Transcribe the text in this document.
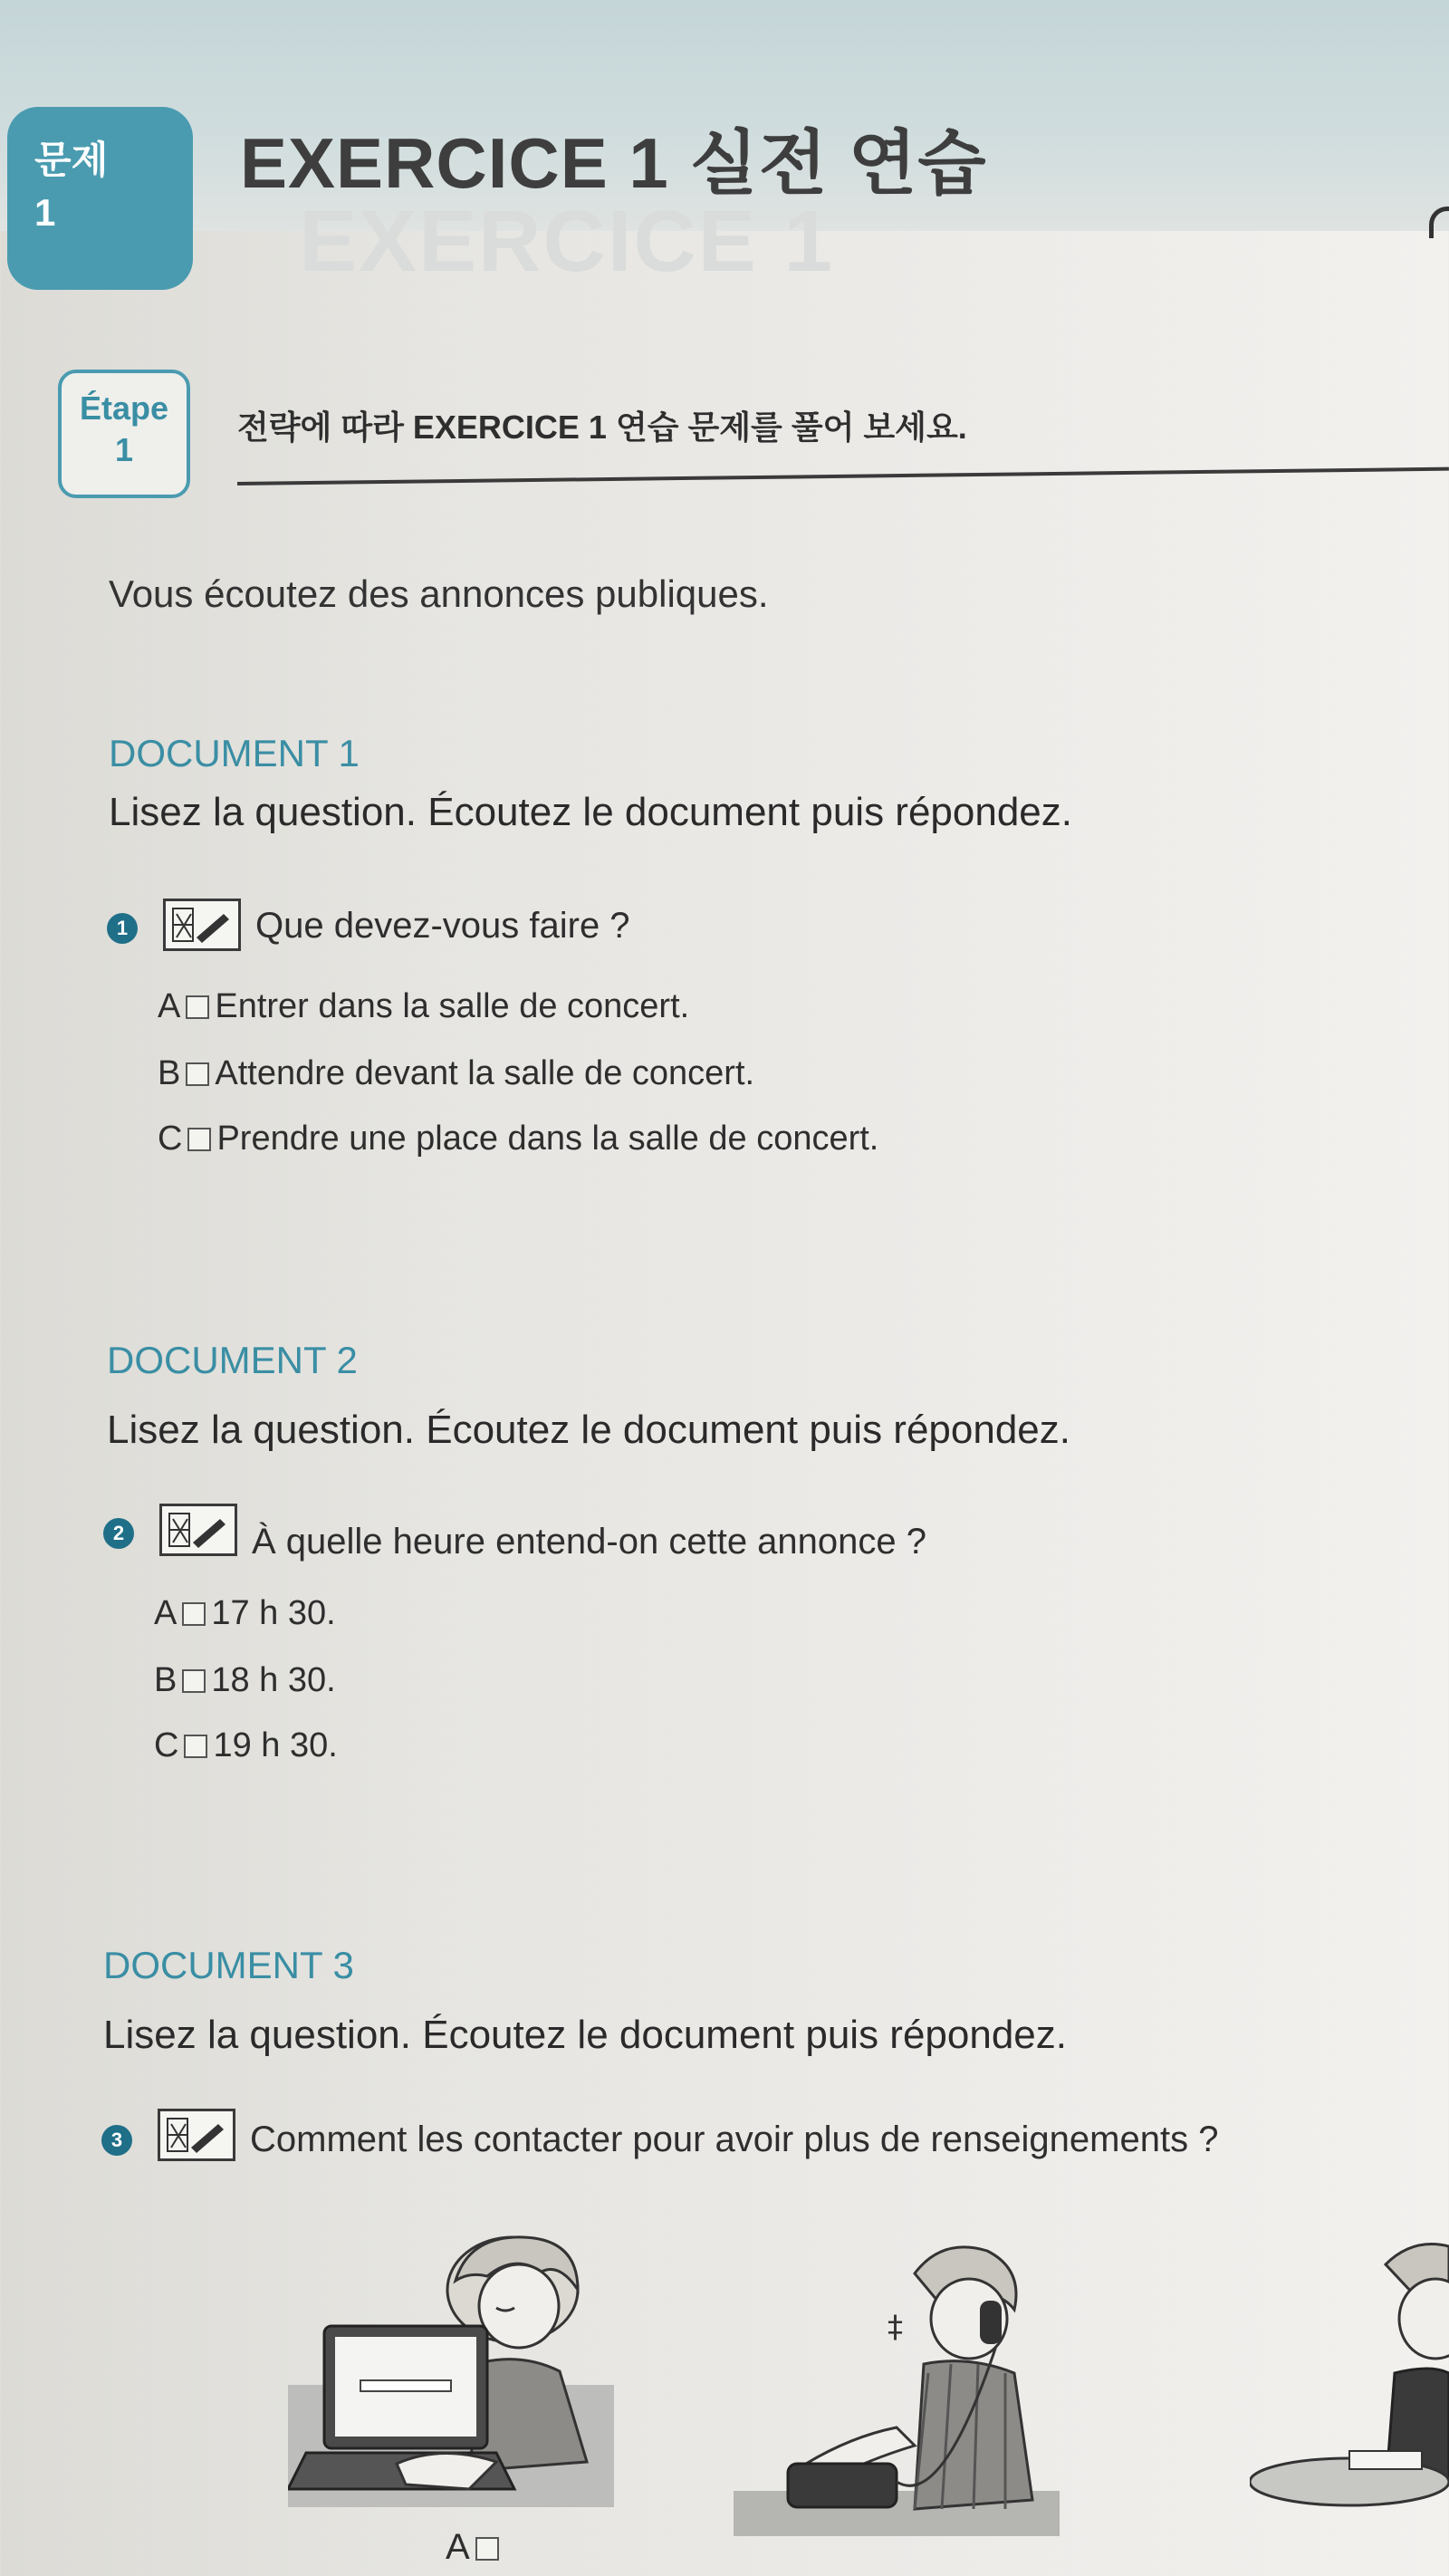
EXERCICE 1
문제
1
EXERCICE 1 실전 연습
Étape
1
전략에 따라 EXERCICE 1 연습 문제를 풀어 보세요.
Vous écoutez des annonces publiques.
DOCUMENT 1
Lisez la question. Écoutez le document puis répondez.
1	Que devez-vous faire ?
A Entrer dans la salle de concert.
B Attendre devant la salle de concert.
C Prendre une place dans la salle de concert.
DOCUMENT 2
Lisez la question. Écoutez le document puis répondez.
2	À quelle heure entend-on cette annonce ?
A 17 h 30.
B 18 h 30.
C 19 h 30.
DOCUMENT 3
Lisez la question. Écoutez le document puis répondez.
3	Comment les contacter pour avoir plus de renseignements ?
A
‡
